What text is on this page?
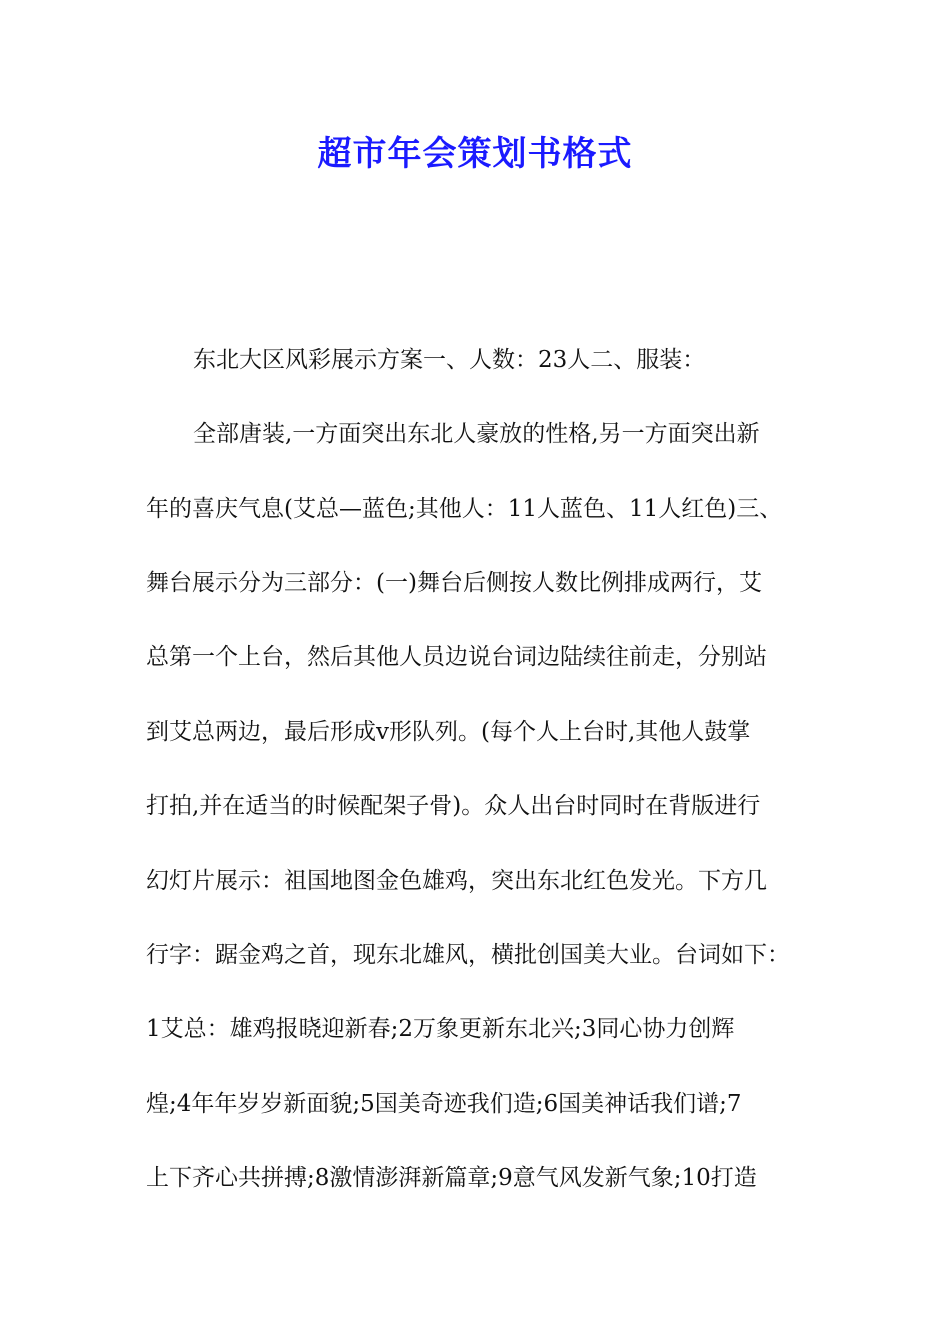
超市年会策划书格式

东北大区风彩展示方案一、人数：23人二、服装：

全部唐装,一方面突出东北人豪放的性格,另一方面突出新

年的喜庆气息(艾总—蓝色;其他人：11人蓝色、11人红色)三、

舞台展示分为三部分：(一)舞台后侧按人数比例排成两行，艾

总第一个上台，然后其他人员边说台词边陆续往前走，分别站

到艾总两边，最后形成v形队列。(每个人上台时,其他人鼓掌

打拍,并在适当的时候配架子骨)。众人出台时同时在背版进行

幻灯片展示：祖国地图金色雄鸡，突出东北红色发光。下方几

行字：踞金鸡之首，现东北雄风，横批创国美大业。台词如下：

1艾总：雄鸡报晓迎新春;2万象更新东北兴;3同心协力创辉

煌;4年年岁岁新面貌;5国美奇迹我们造;6国美神话我们谱;7

上下齐心共拼搏;8激情澎湃新篇章;9意气风发新气象;10打造
